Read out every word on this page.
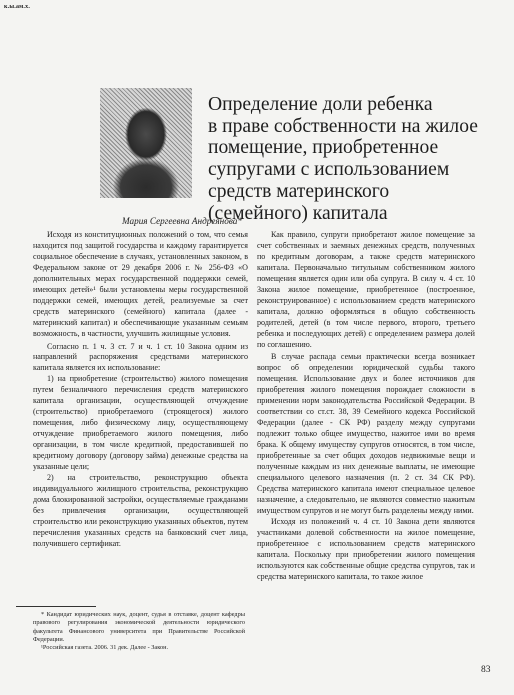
к.ы.ам.х.
Определение доли ребенка
в праве собственности на жилое
помещение, приобретенное
супругами с использованием
средств материнского
(семейного) капитала
Мария Сергеевна Андреянова*

Исходя из конституционных положений о том, что семья находится под защитой государства и каждому гарантируется социальное обеспечение в случаях, установленных законом, в Федеральном законе от 29 декабря 2006 г. № 256-ФЗ «О дополнительных мерах государственной поддержки семей, имеющих детей»¹ были установлены меры государственной поддержки семей, имеющих детей, реализуемые за счет средств материнского (семейного) капитала (далее - материнский капитал) и обеспечивающие указанным семьям возможность, в частности, улучшить жилищные условия.

Согласно п. 1 ч. 3 ст. 7 и ч. 1 ст. 10 Закона одним из направлений распоряжения средствами материнского капитала является их использование:

1) на приобретение (строительство) жилого помещения путем безналичного перечисления средств материнского капитала организации, осуществляющей отчуждение (строительство) приобретаемого (строящегося) жилого помещения, либо физическому лицу, осуществляющему отчуждение приобретаемого жилого помещения, либо организации, в том числе кредитной, предоставившей по кредитному договору (договору займа) денежные средства на указанные цели;

2) на строительство, реконструкцию объекта индивидуального жилищного строительства, реконструкцию дома блокированной застройки, осуществляемые гражданами без привлечения организации, осуществляющей строительство или реконструкцию указанных объектов, путем перечисления указанных средств на банковский счет лица, получившего сертификат.

Как правило, супруги приобретают жилое помещение за счет собственных и заемных денежных средств, полученных по кредитным договорам, а также средств материнского капитала. Первоначально титульным собственником жилого помещения является один или оба супруга. В силу ч. 4 ст. 10 Закона жилое помещение, приобретенное (построенное, реконструированное) с использованием средств материнского капитала, должно оформляться в общую собственность родителей, детей (в том числе первого, второго, третьего ребенка и последующих детей) с определением размера долей по соглашению.

В случае распада семьи практически всегда возникает вопрос об определении юридической судьбы такого помещения. Использование двух и более источников для приобретения жилого помещения порождает сложности в применении норм законодательства Российской Федерации. В соответствии со ст.ст. 38, 39 Семейного кодекса Российской Федерации (далее - СК РФ) разделу между супругами подлежит только общее имущество, нажитое ими во время брака. К общему имуществу супругов относятся, в том числе, приобретенные за счет общих доходов недвижимые вещи и полученные каждым из них денежные выплаты, не имеющие специального целевого назначения (п. 2 ст. 34 СК РФ). Средства материнского капитала имеют специальное целевое назначение, а следовательно, не являются совместно нажитым имуществом супругов и не могут быть разделены между ними.

Исходя из положений ч. 4 ст. 10 Закона дети являются участниками долевой собственности на жилое помещение, приобретенное с использованием средств материнского капитала. Поскольку при приобретении жилого помещения используются как собственные общие средства супругов, так и средства материнского капитала, то такое жилое

* Кандидат юридических наук, доцент, судья в отставке, доцент кафедры правового регулирования экономической деятельности юридического факультета Финансового университета при Правительстве Российской Федерации.

¹Российская газета. 2006. 31 дек. Далее - Закон.

83
